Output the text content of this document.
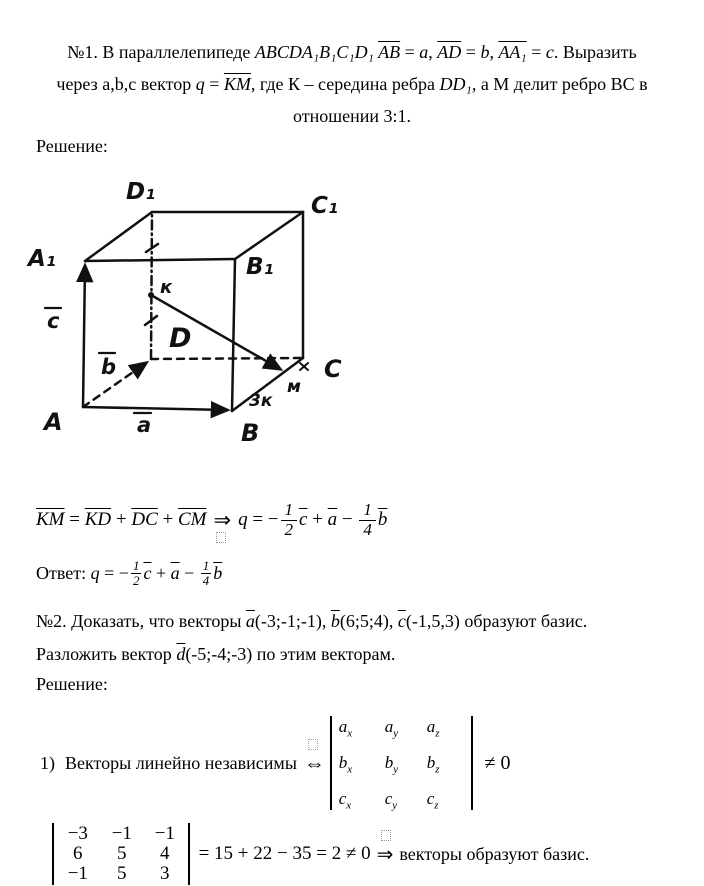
№1. В параллелепипеде ABCDA₁B₁C₁D₁ $\overline{AB} = a$, $\overline{AD} = b$, AA₁ = c. Выразить
через a,b,c вектор $q = \overline{KM}$, где К – середина ребра DD₁, а М делит ребро ВС в
отношении 3:1.
Решение:
D₁
C₁
A₁	B₁
к
c
D
b	C
м
3к
A	a	B
$\overline{KM} = \overline{KD} + \overline{DC} + \overline{CM}$ ⇒ q = − $\frac{1}{2} \overline{c} + \overline{a} - \frac{1}{4} \overline{b}$
Ответ: q = − $\frac{1}{2} \overline{c} + \overline{a} - \frac{1}{4} \overline{b}$
№2. Доказать, что векторы $\overline{a}(-3;-1;-1)$, $\overline{b}(6;5;4)$, $\overline{c}(-1,5,3)$ образуют базис.
Разложить вектор $\overline{d}(-5;-4;-3)$ по этим векторам.
Решение:
1) Векторы линейно независимы ⇔
$a_x$	$a_y$	$a_z$
$b_x$	$b_y$	$b_z$
$c_x$	$c_y$	$c_z$
≠ 0
−3	−1	−1
6	5	4
−1	5	3
= 15 + 22 − 35 = 2 ≠ 0 ⇒ векторы образуют базис.
